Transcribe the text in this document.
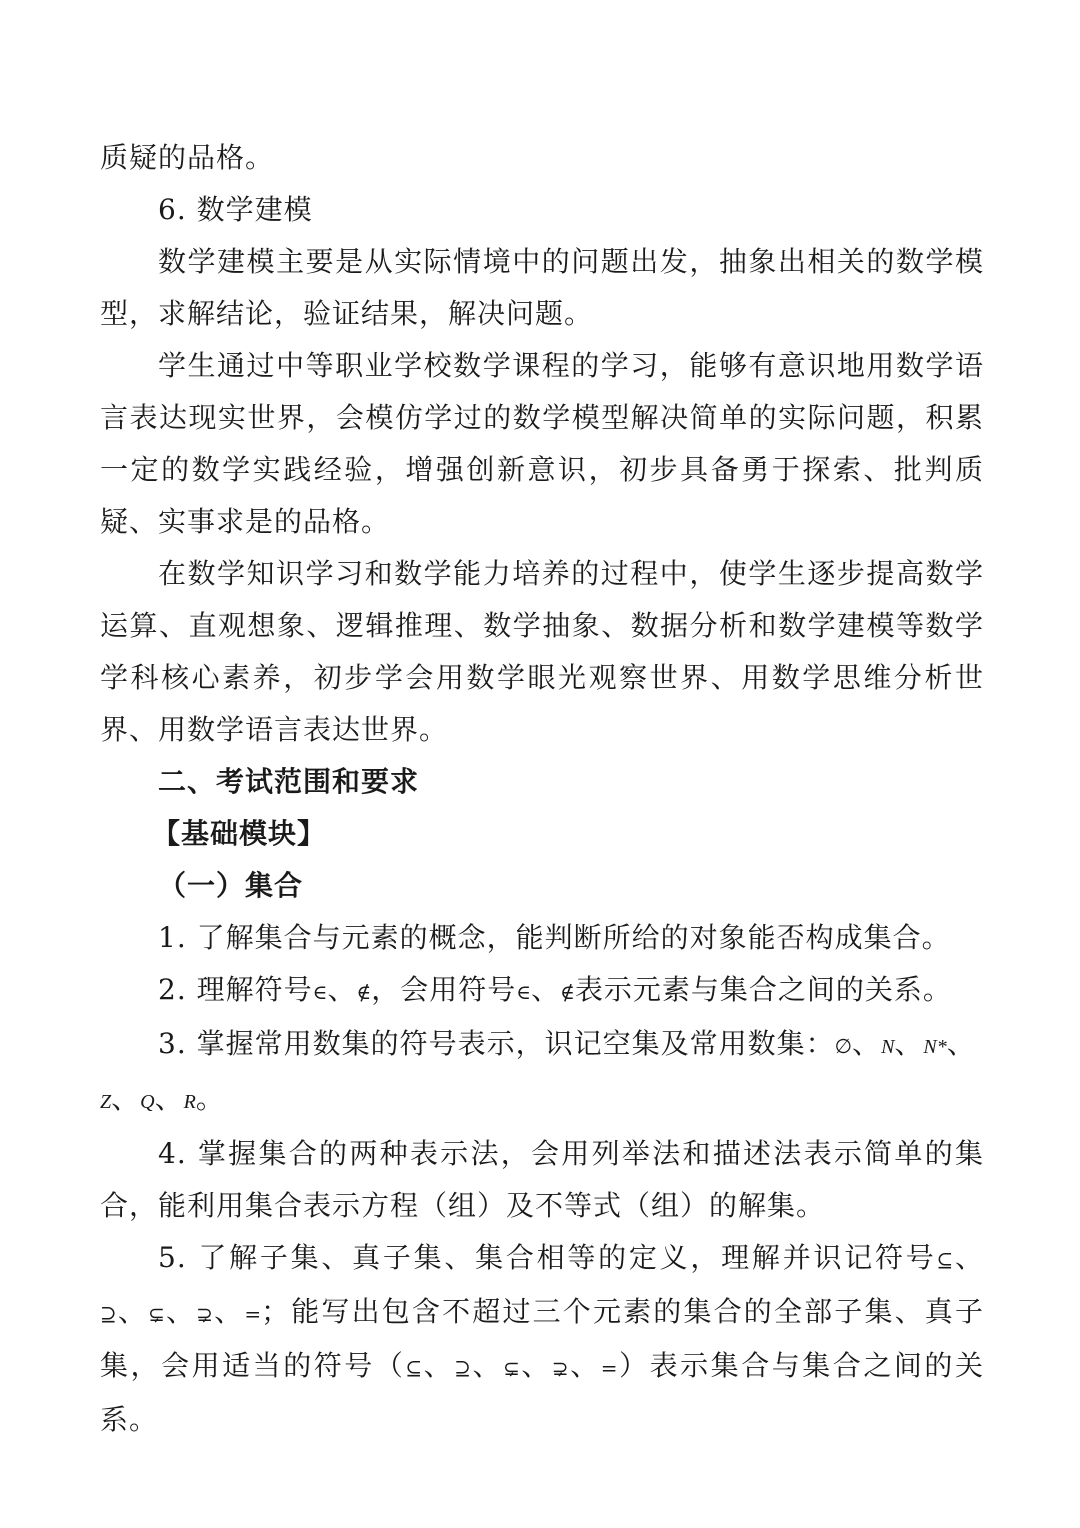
质疑的品格。

6. 数学建模

数学建模主要是从实际情境中的问题出发，抽象出相关的数学模型，求解结论，验证结果，解决问题。

学生通过中等职业学校数学课程的学习，能够有意识地用数学语言表达现实世界，会模仿学过的数学模型解决简单的实际问题，积累一定的数学实践经验，增强创新意识，初步具备勇于探索、批判质疑、实事求是的品格。

在数学知识学习和数学能力培养的过程中，使学生逐步提高数学运算、直观想象、逻辑推理、数学抽象、数据分析和数学建模等数学学科核心素养，初步学会用数学眼光观察世界、用数学思维分析世界、用数学语言表达世界。

二、考试范围和要求

【基础模块】

（一）集合

1. 了解集合与元素的概念，能判断所给的对象能否构成集合。

2. 理解符号∈、∉，会用符号∈、∉表示元素与集合之间的关系。

3. 掌握常用数集的符号表示，识记空集及常用数集：∅、N、N*、
Z、Q、R。

4. 掌握集合的两种表示法，会用列举法和描述法表示简单的集合，能利用集合表示方程（组）及不等式（组）的解集。

5. 了解子集、真子集、集合相等的定义，理解并识记符号⊆、⊇、⊊、⊋、=；能写出包含不超过三个元素的集合的全部子集、真子集，会用适当的符号（⊆、⊇、⊊、⊋、=）表示集合与集合之间的关系。
